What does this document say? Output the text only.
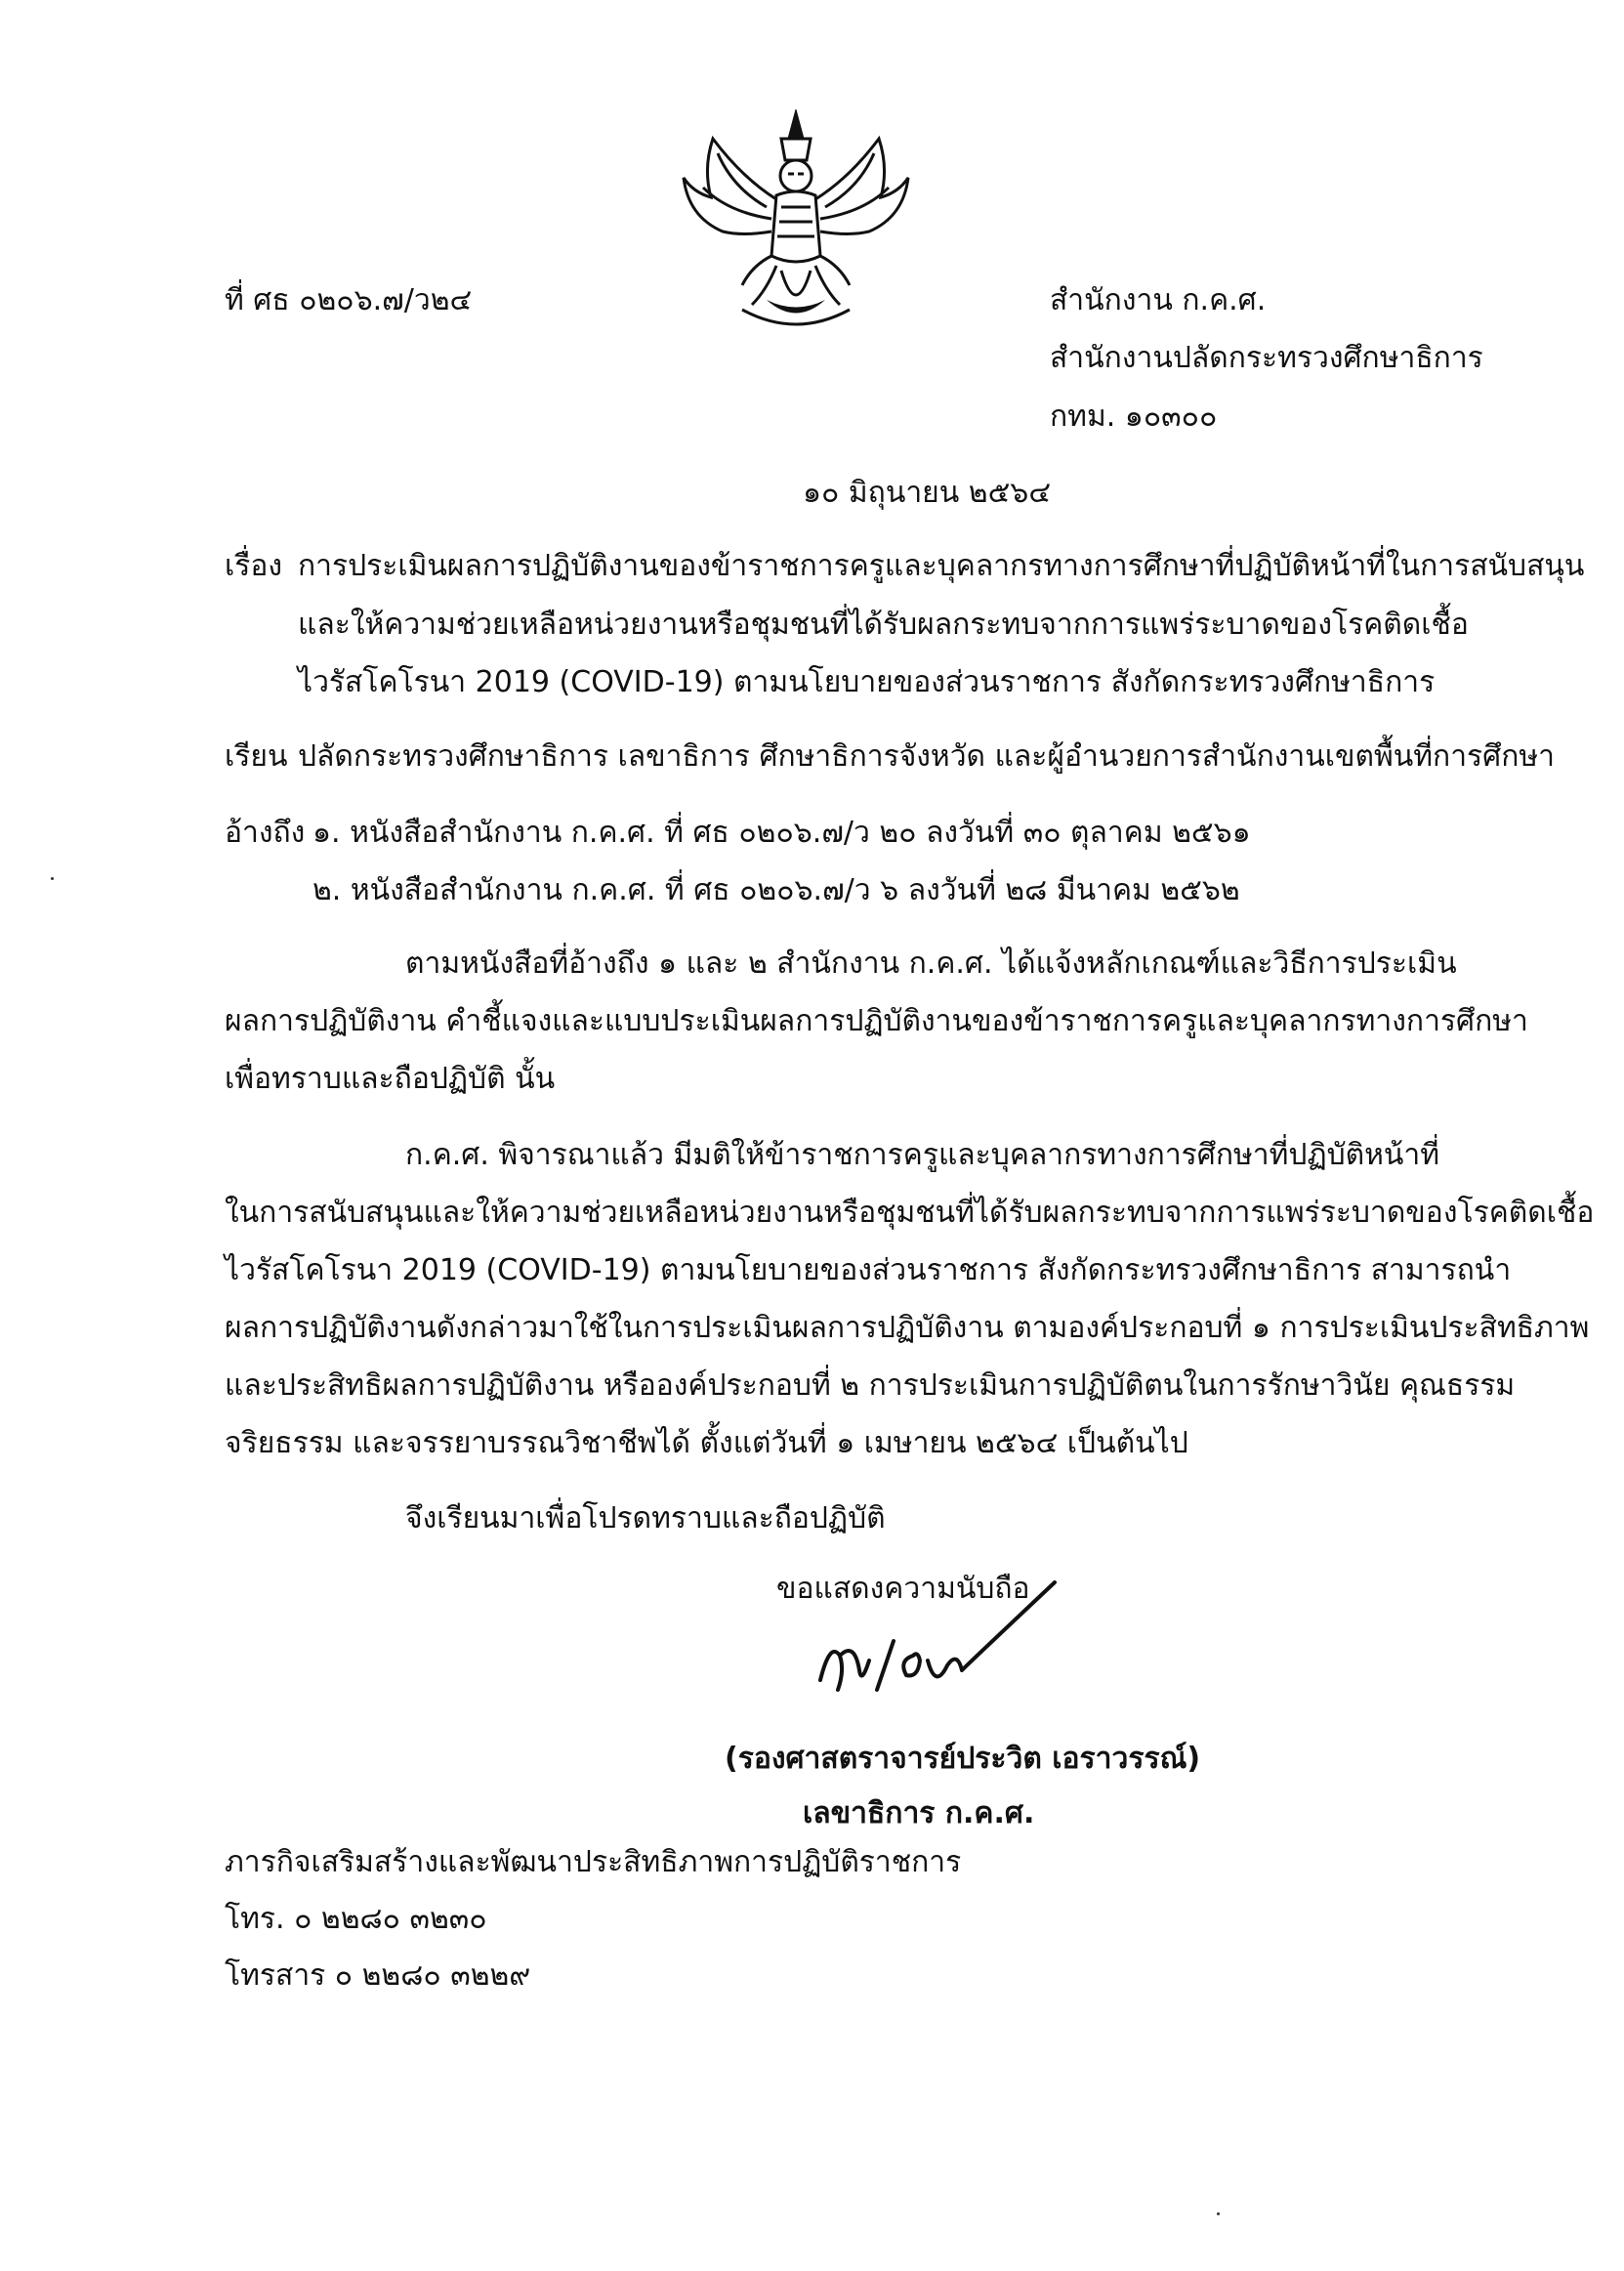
ที่ ศธ ๐๒๐๖.๗/ว๒๔	สำนักงาน ก.ค.ศ.
สำนักงานปลัดกระทรวงศึกษาธิการ
กทม. ๑๐๓๐๐
๑๐ มิถุนายน ๒๕๖๔
เรื่อง การประเมินผลการปฏิบัติงานของข้าราชการครูและบุคลากรทางการศึกษาที่ปฏิบัติหน้าที่ในการสนับสนุน
และให้ความช่วยเหลือหน่วยงานหรือชุมชนที่ได้รับผลกระทบจากการแพร่ระบาดของโรคติดเชื้อ
ไวรัสโคโรนา 2019 (COVID-19) ตามนโยบายของส่วนราชการ สังกัดกระทรวงศึกษาธิการ
เรียน ปลัดกระทรวงศึกษาธิการ เลขาธิการ ศึกษาธิการจังหวัด และผู้อำนวยการสำนักงานเขตพื้นที่การศึกษา
อ้างถึง ๑. หนังสือสำนักงาน ก.ค.ศ. ที่ ศธ ๐๒๐๖.๗/ว ๒๐ ลงวันที่ ๓๐ ตุลาคม ๒๕๖๑
๒. หนังสือสำนักงาน ก.ค.ศ. ที่ ศธ ๐๒๐๖.๗/ว ๖ ลงวันที่ ๒๘ มีนาคม ๒๕๖๒
ตามหนังสือที่อ้างถึง ๑ และ ๒ สำนักงาน ก.ค.ศ. ได้แจ้งหลักเกณฑ์และวิธีการประเมิน
ผลการปฏิบัติงาน คำชี้แจงและแบบประเมินผลการปฏิบัติงานของข้าราชการครูและบุคลากรทางการศึกษา
เพื่อทราบและถือปฏิบัติ นั้น
ก.ค.ศ. พิจารณาแล้ว มีมติให้ข้าราชการครูและบุคลากรทางการศึกษาที่ปฏิบัติหน้าที่
ในการสนับสนุนและให้ความช่วยเหลือหน่วยงานหรือชุมชนที่ได้รับผลกระทบจากการแพร่ระบาดของโรคติดเชื้อ
ไวรัสโคโรนา 2019 (COVID-19) ตามนโยบายของส่วนราชการ สังกัดกระทรวงศึกษาธิการ สามารถนำ
ผลการปฏิบัติงานดังกล่าวมาใช้ในการประเมินผลการปฏิบัติงาน ตามองค์ประกอบที่ ๑ การประเมินประสิทธิภาพ
และประสิทธิผลการปฏิบัติงาน หรือองค์ประกอบที่ ๒ การประเมินการปฏิบัติตนในการรักษาวินัย คุณธรรม
จริยธรรม และจรรยาบรรณวิชาชีพได้ ตั้งแต่วันที่ ๑ เมษายน ๒๕๖๔ เป็นต้นไป
จึงเรียนมาเพื่อโปรดทราบและถือปฏิบัติ
ขอแสดงความนับถือ
(รองศาสตราจารย์ประวิต เอราวรรณ์)
เลขาธิการ ก.ค.ศ.
ภารกิจเสริมสร้างและพัฒนาประสิทธิภาพการปฏิบัติราชการ
โทร. ๐ ๒๒๘๐ ๓๒๓๐
โทรสาร ๐ ๒๒๘๐ ๓๒๒๙
